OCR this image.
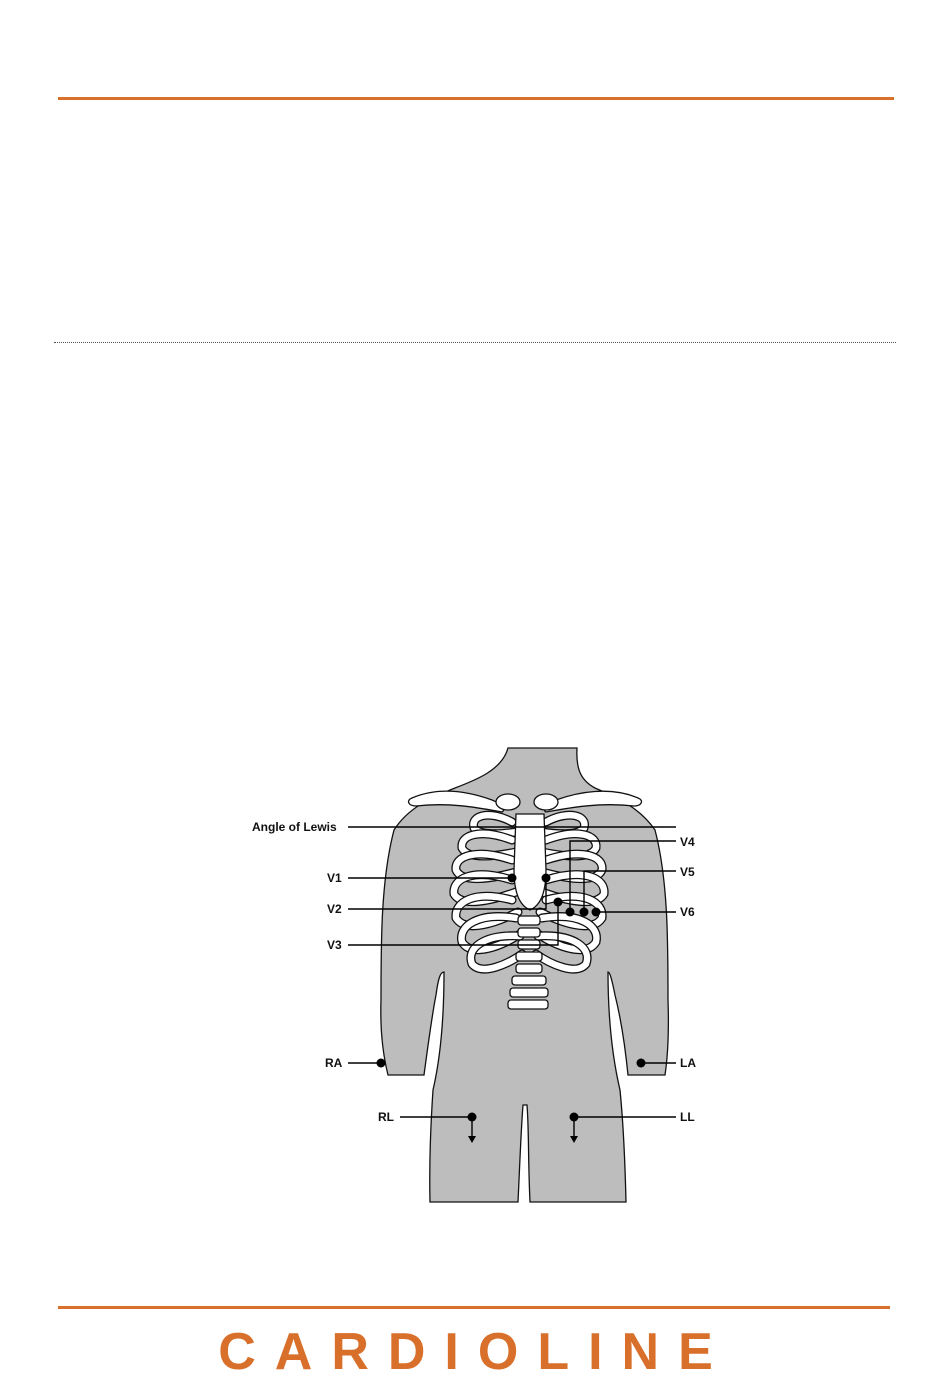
Angle of Lewis
V1
V2
V3
V4
V5
V6
RA	LA
RL	LL
CARDIOLINE
